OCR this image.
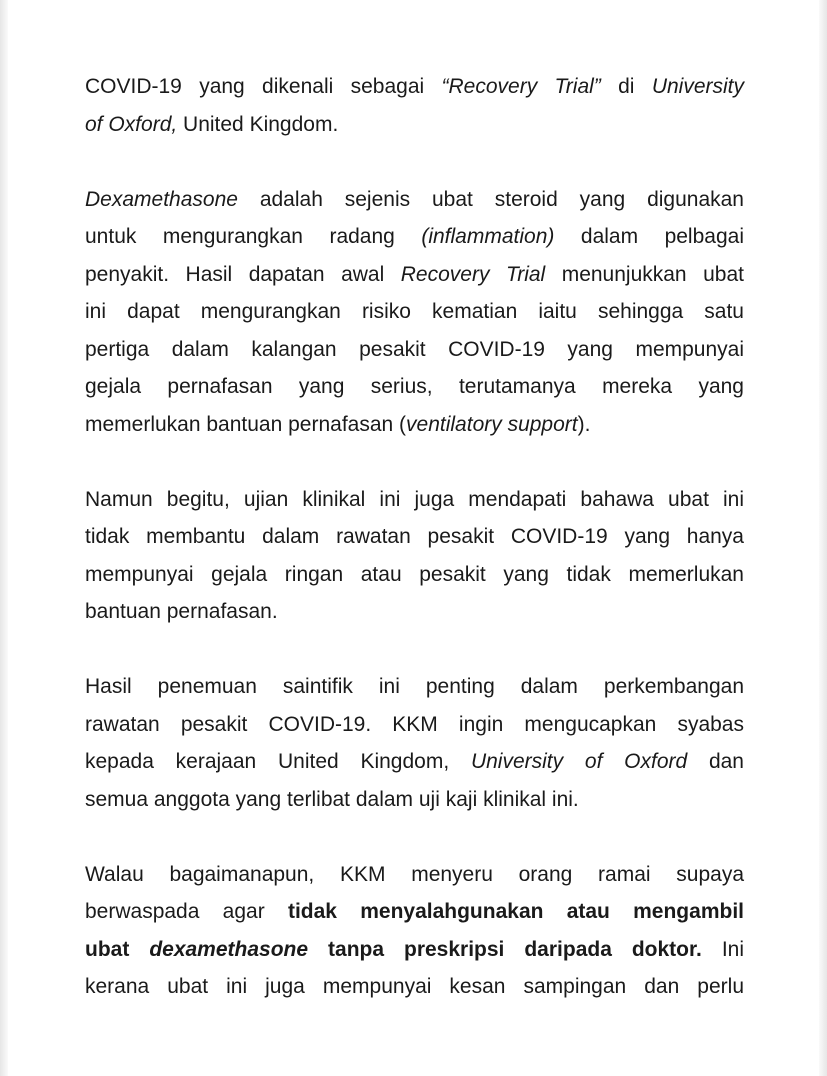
COVID-19 yang dikenali sebagai “Recovery Trial” di University
of Oxford, United Kingdom.

Dexamethasone adalah sejenis ubat steroid yang digunakan
untuk mengurangkan radang (inflammation) dalam pelbagai
penyakit. Hasil dapatan awal Recovery Trial menunjukkan ubat
ini dapat mengurangkan risiko kematian iaitu sehingga satu
pertiga dalam kalangan pesakit COVID-19 yang mempunyai
gejala pernafasan yang serius, terutamanya mereka yang
memerlukan bantuan pernafasan (ventilatory support).

Namun begitu, ujian klinikal ini juga mendapati bahawa ubat ini
tidak membantu dalam rawatan pesakit COVID-19 yang hanya
mempunyai gejala ringan atau pesakit yang tidak memerlukan
bantuan pernafasan.

Hasil penemuan saintifik ini penting dalam perkembangan
rawatan pesakit COVID-19. KKM ingin mengucapkan syabas
kepada kerajaan United Kingdom, University of Oxford dan
semua anggota yang terlibat dalam uji kaji klinikal ini.

Walau bagaimanapun, KKM menyeru orang ramai supaya
berwaspada agar tidak menyalahgunakan atau mengambil
ubat dexamethasone tanpa preskripsi daripada doktor. Ini
kerana ubat ini juga mempunyai kesan sampingan dan perlu
